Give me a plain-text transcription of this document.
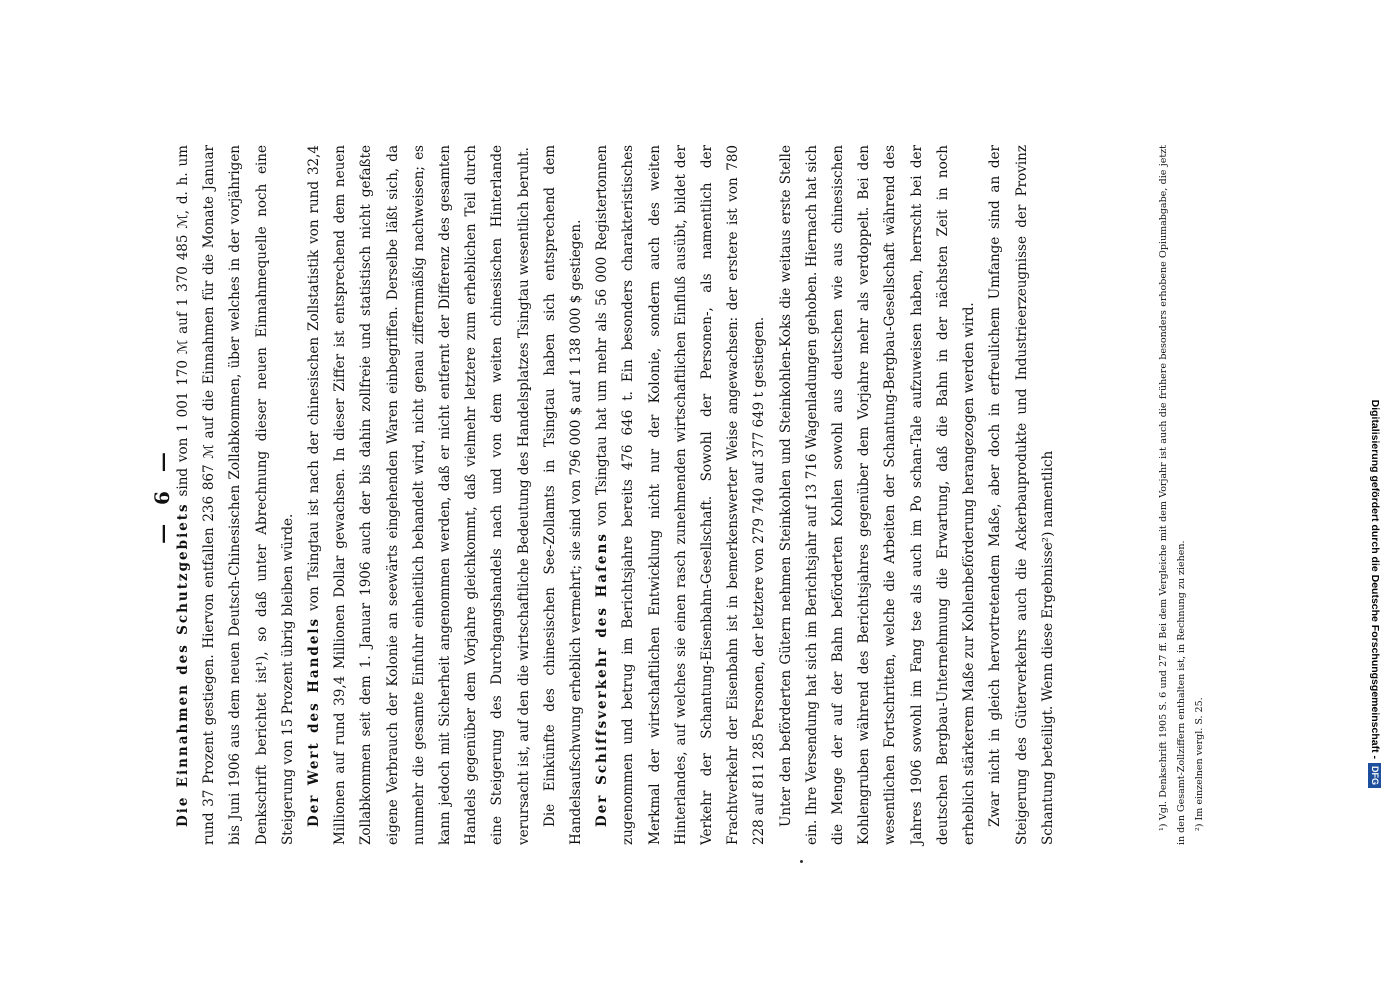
— 6 —

Die Einnahmen des Schutzgebiets sind von 1 001 170 ℳ auf 1 370 485 ℳ, d. h. um rund 37 Prozent gestiegen. Hiervon entfallen 236 867 ℳ auf die Einnahmen für die Monate Januar bis Juni 1906 aus dem neuen Deutsch-Chinesischen Zollabkommen, über welches in der vorjährigen Denkschrift berichtet ist¹), so daß unter Abrechnung dieser neuen Einnahmequelle noch eine Steigerung von 15 Prozent übrig bleiben würde. Der Wert des Handels von Tsingtau ist nach der chinesischen Zollstatistik von rund 32,4 Millionen auf rund 39,4 Millionen Dollar gewachsen. In dieser Ziffer ist entsprechend dem neuen Zollabkommen seit dem 1. Januar 1906 auch der bis dahin zollfreie und statistisch nicht gefaßte eigene Verbrauch der Kolonie an seewärts eingehenden Waren einbegriffen. Derselbe läßt sich, da nunmehr die gesamte Einfuhr einheitlich behandelt wird, nicht genau ziffernmäßig nachweisen; es kann jedoch mit Sicherheit angenommen werden, daß er nicht entfernt der Differenz des gesamten Handels gegenüber dem Vorjahre gleichkommt, daß vielmehr letztere zum erheblichen Teil durch eine Steigerung des Durchgangshandels nach und von dem weiten chinesischen Hinterlande verursacht ist, auf den die wirtschaftliche Bedeutung des Handelsplatzes Tsingtau wesentlich beruht. Die Einkünfte des chinesischen See-Zollamts in Tsingtau haben sich entsprechend dem Handelsaufschwung erheblich vermehrt; sie sind von 796 000 $ auf 1 138 000 $ gestiegen. Der Schiffsverkehr des Hafens von Tsingtau hat um mehr als 56 000 Registertonnen zugenommen und betrug im Berichtsjahre bereits 476 646 t. Ein besonders charakteristisches Merkmal der wirtschaftlichen Entwicklung nicht nur der Kolonie, sondern auch des weiten Hinterlandes, auf welches sie einen rasch zunehmenden wirtschaftlichen Einfluß ausübt, bildet der Verkehr der Schantung-Eisenbahn-Gesellschaft. Sowohl der Personen-, als namentlich der Frachtverkehr der Eisenbahn ist in bemerkenswerter Weise angewachsen: der erstere ist von 780 228 auf 811 285 Personen, der letztere von 279 740 auf 377 649 t gestiegen. Unter den beförderten Gütern nehmen Steinkohlen und Steinkohlen-Koks die weitaus erste Stelle ein. Ihre Versendung hat sich im Berichtsjahr auf 13 716 Wagenladungen gehoben. Hiernach hat sich die Menge der auf der Bahn beförderten Kohlen sowohl aus deutschen wie aus chinesischen Kohlengruben während des Berichtsjahres gegenüber dem Vorjahre mehr als verdoppelt. Bei den wesentlichen Fortschritten, welche die Arbeiten der Schantung-Bergbau-Gesellschaft während des Jahres 1906 sowohl im Fang tse als auch im Po schan-Tale aufzuweisen haben, herrscht bei der deutschen Bergbau-Unternehmung die Erwartung, daß die Bahn in der nächsten Zeit in noch erheblich stärkerem Maße zur Kohlenbeförderung herangezogen werden wird. Zwar nicht in gleich hervortretendem Maße, aber doch in erfreulichem Umfange sind an der Steigerung des Güterverkehrs auch die Ackerbauprodukte und Industrieerzeugnisse der Provinz Schantung beteiligt. Wenn diese Ergebnisse²) namentlich	¹) Vgl. Denkschrift 1905 S. 6 und 27 ff. Bei dem Vergleiche mit dem Vorjahr ist auch die frühere besonders erhobene Opiumabgabe, die jetzt in den Gesamt-Zollziffern enthalten ist, in Rechnung zu ziehen. ²) Im einzelnen vergl. S. 25.

Digitalisierung gefördert durch die Deutsche Forschungsgemeinschaft -
DFG
